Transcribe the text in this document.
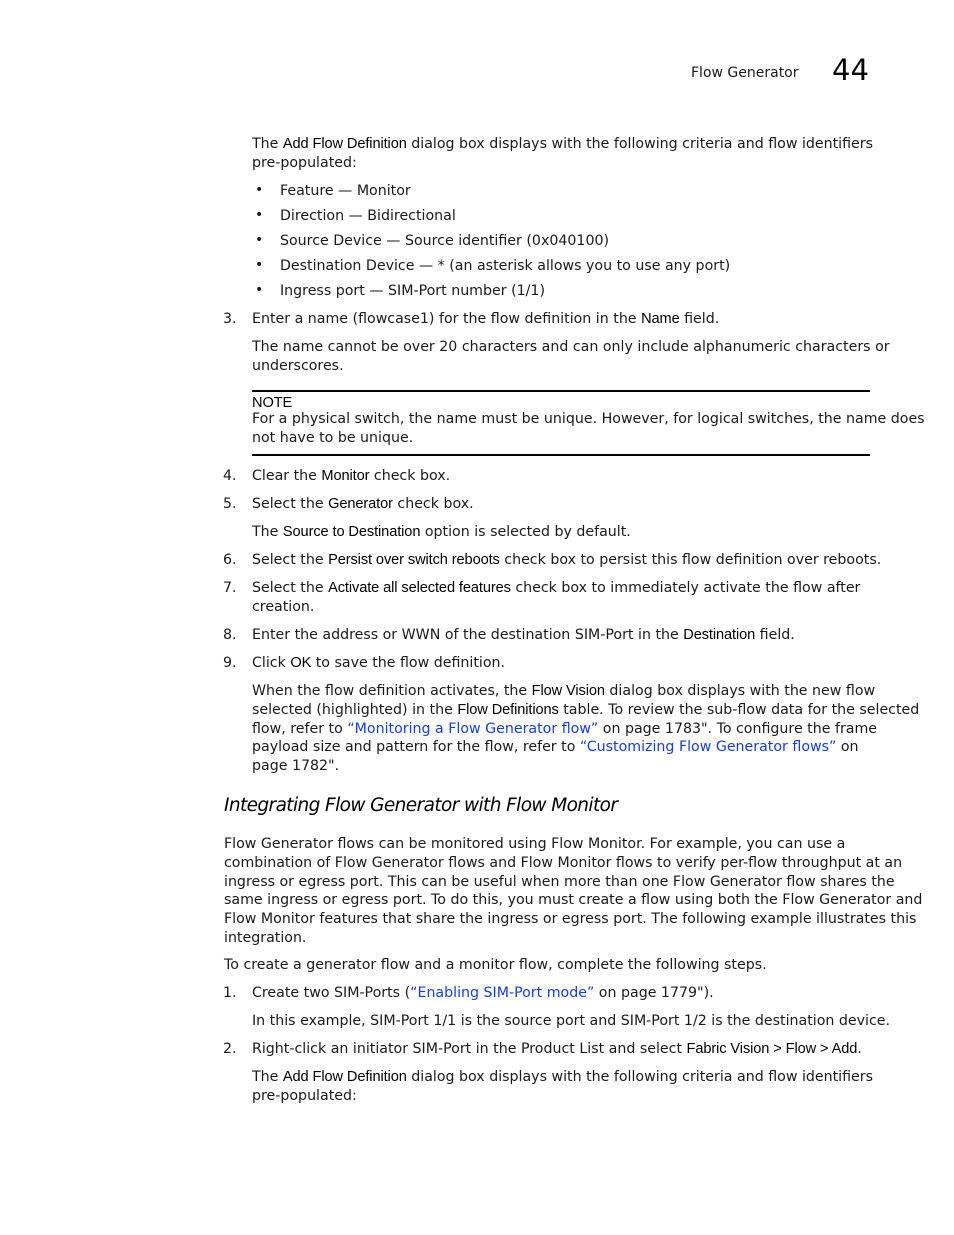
Flow Generator 44
The Add Flow Definition dialog box displays with the following criteria and flow identifiers
pre-populated:
• Feature — Monitor
• Direction — Bidirectional
• Source Device — Source identifier (0x040100)
• Destination Device — * (an asterisk allows you to use any port)
• Ingress port — SIM-Port number (1/1)
3. Enter a name (flowcase1) for the flow definition in the Name field.
The name cannot be over 20 characters and can only include alphanumeric characters or
underscores.
NOTE
For a physical switch, the name must be unique. However, for logical switches, the name does
not have to be unique.
4. Clear the Monitor check box.
5. Select the Generator check box.
The Source to Destination option is selected by default.
6. Select the Persist over switch reboots check box to persist this flow definition over reboots.
7. Select the Activate all selected features check box to immediately activate the flow after
creation.
8. Enter the address or WWN of the destination SIM-Port in the Destination field.
9. Click OK to save the flow definition.
When the flow definition activates, the Flow Vision dialog box displays with the new flow
selected (highlighted) in the Flow Definitions table. To review the sub-flow data for the selected
flow, refer to “Monitoring a Flow Generator flow” on page 1783". To configure the frame
payload size and pattern for the flow, refer to “Customizing Flow Generator flows” on
page 1782".
Integrating Flow Generator with Flow Monitor
Flow Generator flows can be monitored using Flow Monitor. For example, you can use a
combination of Flow Generator flows and Flow Monitor flows to verify per-flow throughput at an
ingress or egress port. This can be useful when more than one Flow Generator flow shares the
same ingress or egress port. To do this, you must create a flow using both the Flow Generator and
Flow Monitor features that share the ingress or egress port. The following example illustrates this
integration.
To create a generator flow and a monitor flow, complete the following steps.
1. Create two SIM-Ports (“Enabling SIM-Port mode” on page 1779").
In this example, SIM-Port 1/1 is the source port and SIM-Port 1/2 is the destination device.
2. Right-click an initiator SIM-Port in the Product List and select Fabric Vision > Flow > Add.
The Add Flow Definition dialog box displays with the following criteria and flow identifiers
pre-populated:
